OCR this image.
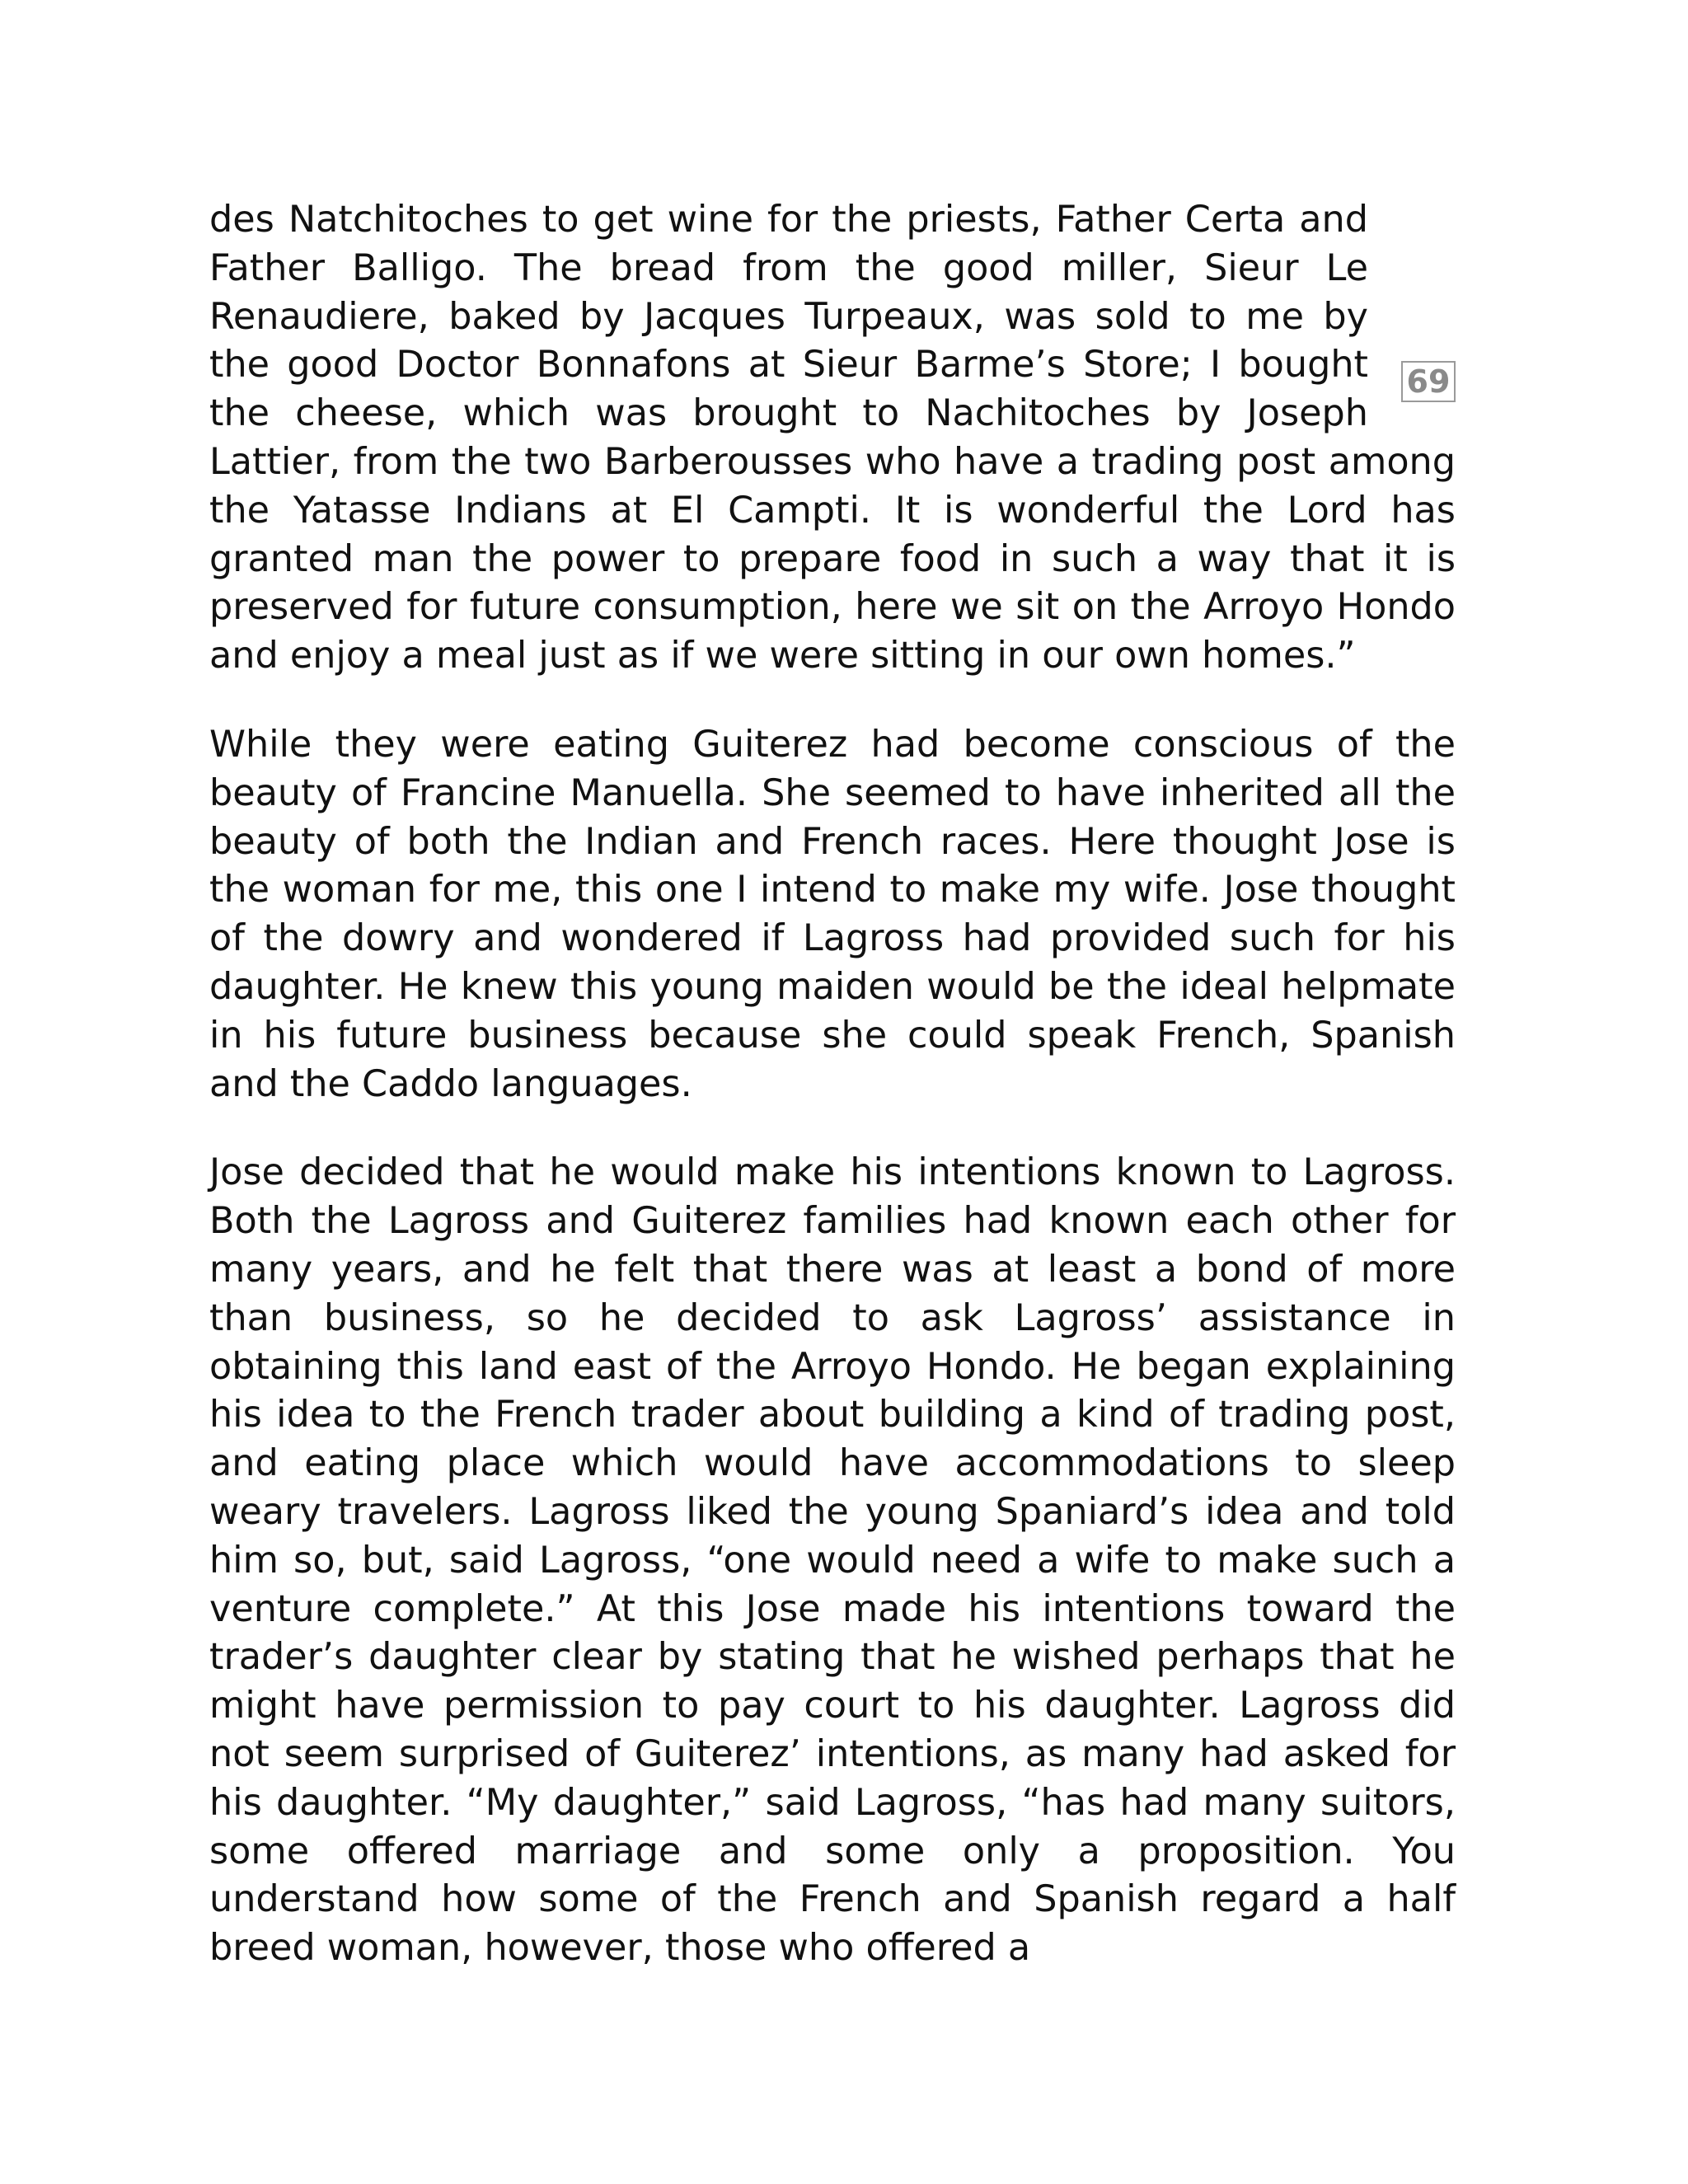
69
des Natchitoches to get wine for the priests, Father Certa and Father Balligo. The bread from the good miller, Sieur Le Renaudiere, baked by Jacques Turpeaux, was sold to me by the good Doctor Bonnafons at Sieur Barme’s Store; I bought the cheese, which was brought to Nachitoches by Joseph Lattier, from the two Barberousses who have a trading post among the Yatasse Indians at El Campti. It is wonderful the Lord has granted man the power to prepare food in such a way that it is preserved for future consumption, here we sit on the Arroyo Hondo and enjoy a meal just as if we were sitting in our own homes.”

While they were eating Guiterez had become conscious of the beauty of Francine Manuella. She seemed to have inherited all the beauty of both the Indian and French races. Here thought Jose is the woman for me, this one I intend to make my wife. Jose thought of the dowry and wondered if Lagross had provided such for his daughter. He knew this young maiden would be the ideal helpmate in his future business because she could speak French, Spanish and the Caddo languages.

Jose decided that he would make his intentions known to Lagross. Both the Lagross and Guiterez families had known each other for many years, and he felt that there was at least a bond of more than business, so he decided to ask Lagross’ assistance in obtaining this land east of the Arroyo Hondo. He began explaining his idea to the French trader about building a kind of trading post, and eating place which would have accommodations to sleep weary travelers. Lagross liked the young Spaniard’s idea and told him so, but, said Lagross, “one would need a wife to make such a venture complete.” At this Jose made his intentions toward the trader’s daughter clear by stating that he wished perhaps that he might have permission to pay court to his daughter. Lagross did not seem surprised of Guiterez’ intentions, as many had asked for his daughter. “My daughter,” said Lagross, “has had many suitors, some offered marriage and some only a proposition. You understand how some of the French and Spanish regard a half breed woman, however, those who offered a
